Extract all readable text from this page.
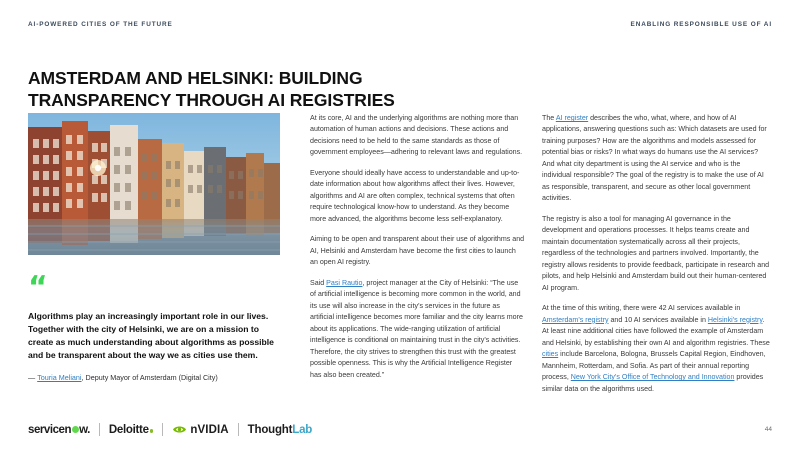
AI-POWERED CITIES OF THE FUTURE	ENABLING RESPONSIBLE USE OF AI
AMSTERDAM AND HELSINKI: BUILDING TRANSPARENCY THROUGH AI REGISTRIES
“
Algorithms play an increasingly important role in our lives. Together with the city of Helsinki, we are on a mission to create as much understanding about algorithms as possible and be transparent about the way we as cities use them.
— Touria Meliani, Deputy Mayor of Amsterdam (Digital City)

At its core, AI and the underlying algorithms are nothing more than automation of human actions and decisions. These actions and decisions need to be held to the same standards as those of government employees—adhering to relevant laws and regulations.

Everyone should ideally have access to understandable and up-to-date information about how algorithms affect their lives. However, algorithms and AI are often complex, technical systems that often require technological know-how to understand. As they become more advanced, the algorithms become less self-explanatory.

Aiming to be open and transparent about their use of algorithms and AI, Helsinki and Amsterdam have become the first cities to launch an open AI registry.

Said Pasi Rautio, project manager at the City of Helsinki: “The use of artificial intelligence is becoming more common in the world, and its use will also increase in the city’s services in the future as artificial intelligence becomes more familiar and the city learns more about its applications. The wide-ranging utilization of artificial intelligence is conditional on maintaining trust in the city’s activities. Therefore, the city strives to strengthen this trust with the greatest possible openness. This is why the Artificial Intelligence Register has also been created.”

The AI register describes the who, what, where, and how of AI applications, answering questions such as: Which datasets are used for training purposes? How are the algorithms and models assessed for potential bias or risks? In what ways do humans use the AI services? And what city department is using the AI service and who is the individual responsible? The goal of the registry is to make the use of AI as responsible, transparent, and secure as other local government activities.

The registry is also a tool for managing AI governance in the development and operations processes. It helps teams create and maintain documentation systematically across all their projects, regardless of the technologies and partners involved. Importantly, the registry allows residents to provide feedback, participate in research and pilots, and help Helsinki and Amsterdam build out their human-centered AI program.

At the time of this writing, there were 42 AI services available in Amsterdam’s registry and 10 AI services available in Helsinki’s registry. At least nine additional cities have followed the example of Amsterdam and Helsinki, by establishing their own AI and algorithm registries. These cities include Barcelona, Bologna, Brussels Capital Region, Eindhoven, Mannheim, Rotterdam, and Sofia. As part of their annual reporting process, New York City’s Office of Technology and Innovation provides similar data on the algorithms used.

servicen w. Deloitte	nVIDIA ThoughtLab	44
